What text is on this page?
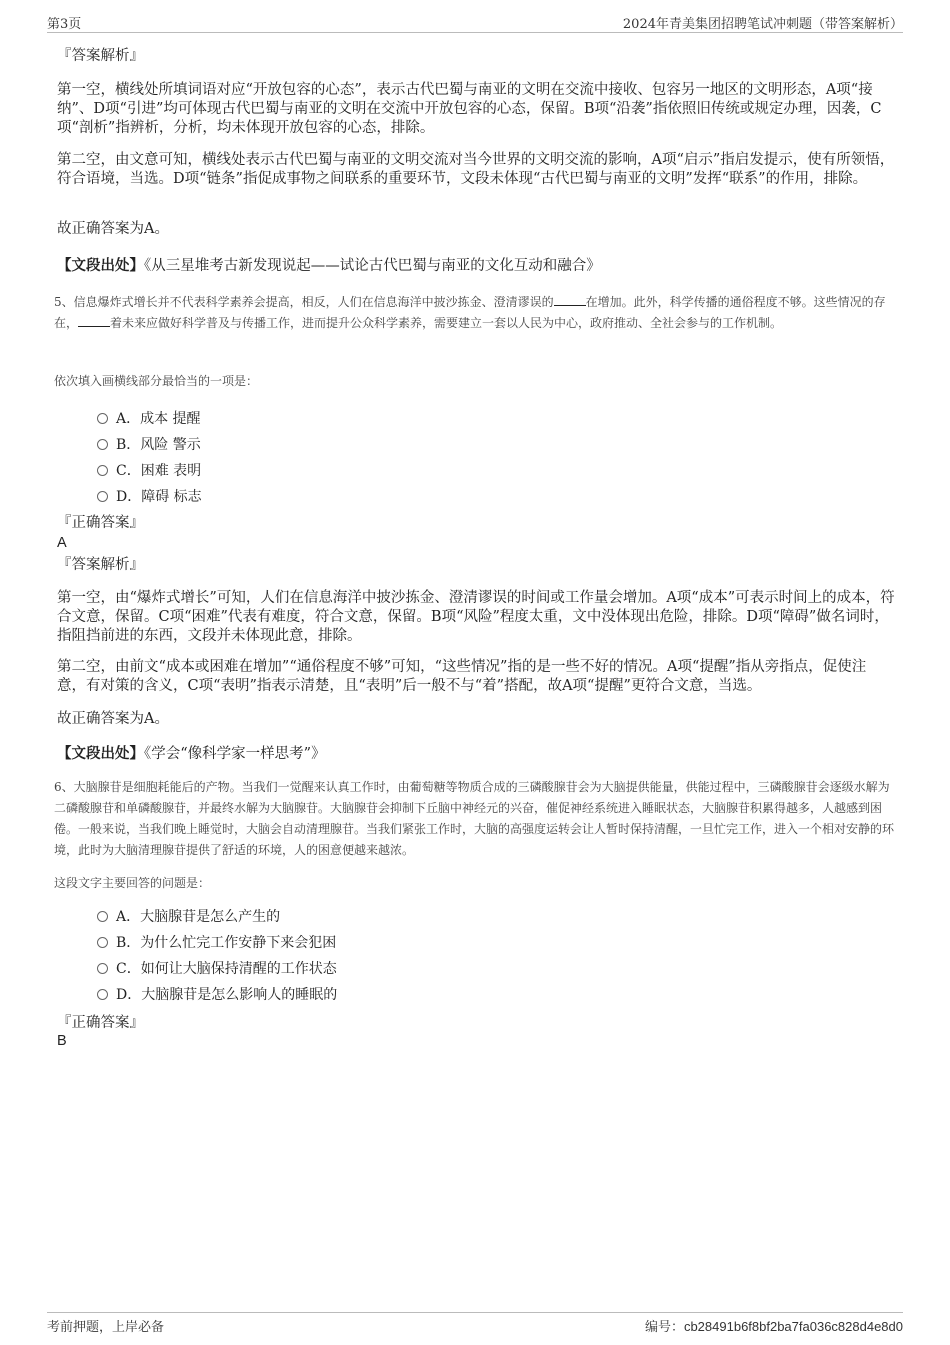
第3页	2024年青美集团招聘笔试冲刺题（带答案解析）
『答案解析』
第一空，横线处所填词语对应“开放包容的心态”，表示古代巴蜀与南亚的文明在交流中接收、包容另一地区的文明形态，A项“接纳”、D项“引进”均可体现古代巴蜀与南亚的文明在交流中开放包容的心态，保留。B项“沿袭”指依照旧传统或规定办理，因袭，C项“剖析”指辨析，分析，均未体现开放包容的心态，排除。
第二空，由文意可知，横线处表示古代巴蜀与南亚的文明交流对当今世界的文明交流的影响，A项“启示”指启发提示，使有所领悟，符合语境，当选。D项“链条”指促成事物之间联系的重要环节，文段未体现“古代巴蜀与南亚的文明”发挥“联系”的作用，排除。
故正确答案为A。
【文段出处】《从三星堆考古新发现说起——试论古代巴蜀与南亚的文化互动和融合》
5、信息爆炸式增长并不代表科学素养会提高，相反，人们在信息海洋中披沙拣金、澄清谬误的	在增加。此外，科学传播的通俗程度不够。这些情况的存在，	着未来应做好科学普及与传播工作，进而提升公众科学素养，需要建立一套以人民为中心，政府推动、全社会参与的工作机制。
依次填入画横线部分最恰当的一项是：
A．成本 提醒
B．风险 警示
C．困难 表明
D．障碍 标志
『正确答案』
A
『答案解析』
第一空，由“爆炸式增长”可知，人们在信息海洋中披沙拣金、澄清谬误的时间或工作量会增加。A项“成本”可表示时间上的成本，符合文意，保留。C项“困难”代表有难度，符合文意，保留。B项“风险”程度太重，文中没体现出危险，排除。D项“障碍”做名词时，指阻挡前进的东西，文段并未体现此意，排除。
第二空，由前文“成本或困难在增加”“通俗程度不够”可知，“这些情况”指的是一些不好的情况。A项“提醒”指从旁指点，促使注意，有对策的含义，C项“表明”指表示清楚，且“表明”后一般不与“着”搭配，故A项“提醒”更符合文意，当选。
故正确答案为A。
【文段出处】《学会“像科学家一样思考”》
6、大脑腺苷是细胞耗能后的产物。当我们一觉醒来认真工作时，由葡萄糖等物质合成的三磷酸腺苷会为大脑提供能量，供能过程中，三磷酸腺苷会逐级水解为二磷酸腺苷和单磷酸腺苷，并最终水解为大脑腺苷。大脑腺苷会抑制下丘脑中神经元的兴奋，催促神经系统进入睡眠状态，大脑腺苷积累得越多，人越感到困倦。一般来说，当我们晚上睡觉时，大脑会自动清理腺苷。当我们紧张工作时，大脑的高强度运转会让人暂时保持清醒，一旦忙完工作，进入一个相对安静的环境，此时为大脑清理腺苷提供了舒适的环境，人的困意便越来越浓。
这段文字主要回答的问题是：
A．大脑腺苷是怎么产生的
B．为什么忙完工作安静下来会犯困
C．如何让大脑保持清醒的工作状态
D．大脑腺苷是怎么影响人的睡眠的
『正确答案』
B
考前押题，上岸必备	编号：cb28491b6f8bf2ba7fa036c828d4e8d0
